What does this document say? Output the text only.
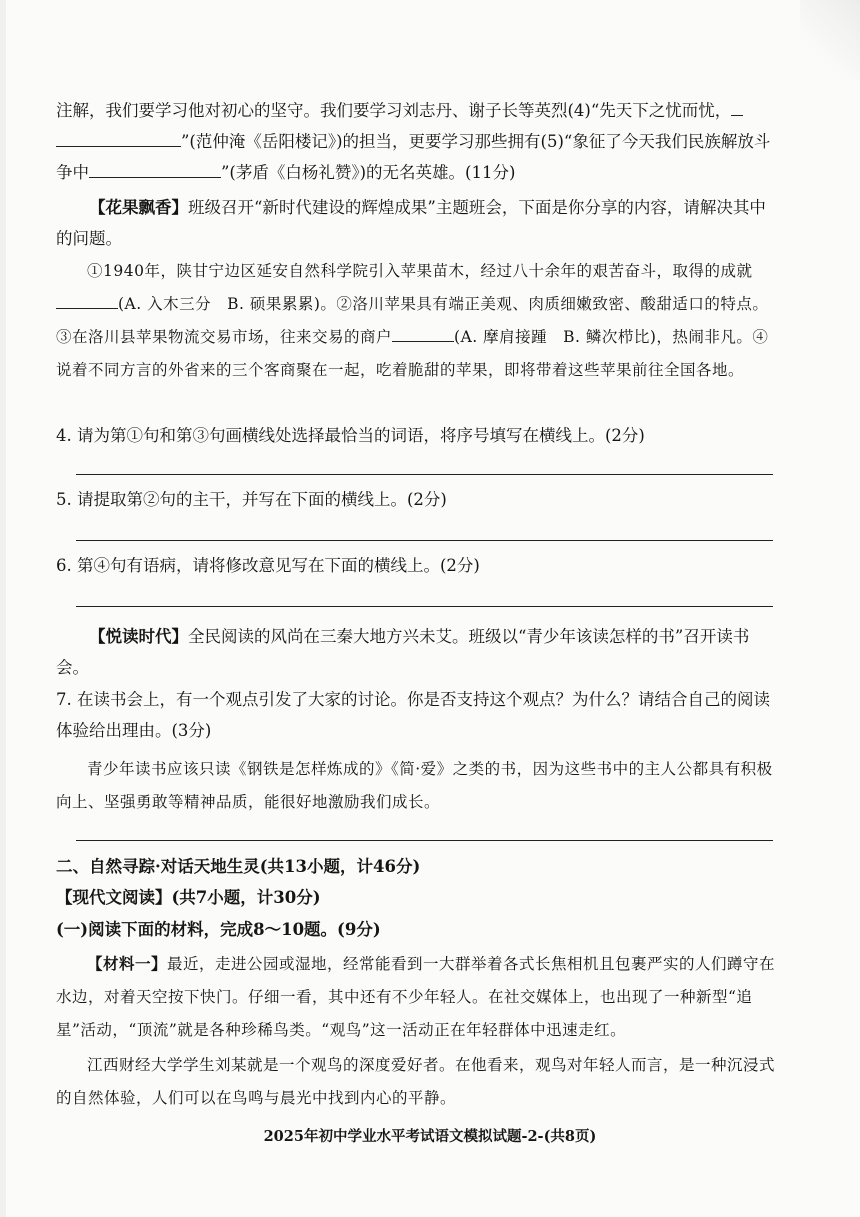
注解，我们要学习他对初心的坚守。我们要学习刘志丹、谢子长等英烈(4)“先天下之忧而忧，
”(范仲淹《岳阳楼记》)的担当，更要学习那些拥有(5)“象征了今天我们民族解放斗争中	”(茅盾《白杨礼赞》)的无名英雄。(11分)

【花果飘香】班级召开“新时代建设的辉煌成果”主题班会，下面是你分享的内容，请解决其中的问题。

①1940年，陕甘宁边区延安自然科学院引入苹果苗木，经过八十余年的艰苦奋斗，取得的成就(A. 入木三分　B. 硕果累累)。②洛川苹果具有端正美观、肉质细嫩致密、酸甜适口的特点。③在洛川县苹果物流交易市场，往来交易的商户	(A. 摩肩接踵　B. 鳞次栉比)，热闹非凡。④说着不同方言的外省来的三个客商聚在一起，吃着脆甜的苹果，即将带着这些苹果前往全国各地。

4. 请为第①句和第③句画横线处选择最恰当的词语，将序号填写在横线上。(2分)

5. 请提取第②句的主干，并写在下面的横线上。(2分)

6. 第④句有语病，请将修改意见写在下面的横线上。(2分)

【悦读时代】全民阅读的风尚在三秦大地方兴未艾。班级以“青少年该读怎样的书”召开读书会。

7. 在读书会上，有一个观点引发了大家的讨论。你是否支持这个观点？为什么？请结合自己的阅读体验给出理由。(3分)

青少年读书应该只读《钢铁是怎样炼成的》《简·爱》之类的书，因为这些书中的主人公都具有积极向上、坚强勇敢等精神品质，能很好地激励我们成长。

二、自然寻踪·对话天地生灵(共13小题，计46分)

【现代文阅读】(共7小题，计30分)

(一)阅读下面的材料，完成8～10题。(9分)

【材料一】最近，走进公园或湿地，经常能看到一大群举着各式长焦相机且包裹严实的人们蹲守在水边，对着天空按下快门。仔细一看，其中还有不少年轻人。在社交媒体上，也出现了一种新型“追星”活动，“顶流”就是各种珍稀鸟类。“观鸟”这一活动正在年轻群体中迅速走红。

江西财经大学学生刘某就是一个观鸟的深度爱好者。在他看来，观鸟对年轻人而言，是一种沉浸式的自然体验，人们可以在鸟鸣与晨光中找到内心的平静。

2025年初中学业水平考试语文模拟试题-2-(共8页)
